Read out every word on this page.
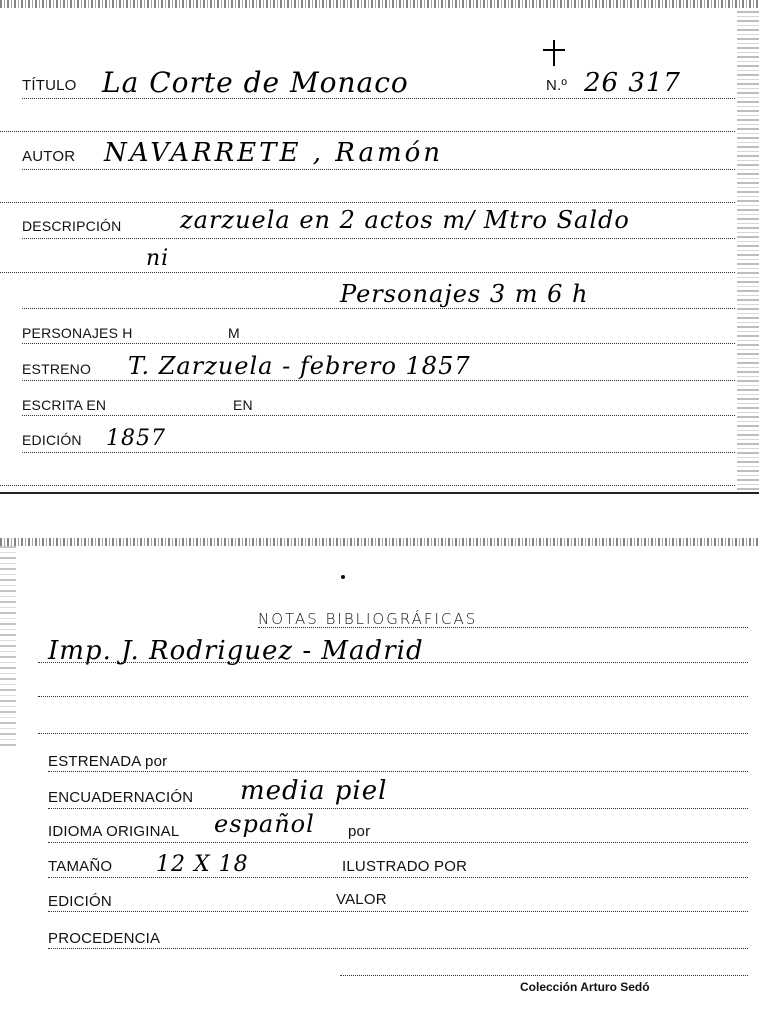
TÍTULO La Corte de Monaco	N.º 26 317
AUTOR NAVARRETE , Ramón
DESCRIPCIÓN zarzuela en 2 actos m/ Mtro Saldo
ni
Personajes 3 m 6 h
PERSONAJES H	M
ESTRENO T. Zarzuela - febrero 1857
ESCRITA EN	EN
EDICIÓN 1857
NOTAS BIBLIOGRÁFICAS
Imp. J. Rodriguez - Madrid
ESTRENADA por
ENCUADERNACIÓN media piel
IDIOMA ORIGINAL español por
TAMAÑO 12 X 18	ILUSTRADO POR
EDICIÓN	VALOR
PROCEDENCIA
Colección Arturo Sedó
